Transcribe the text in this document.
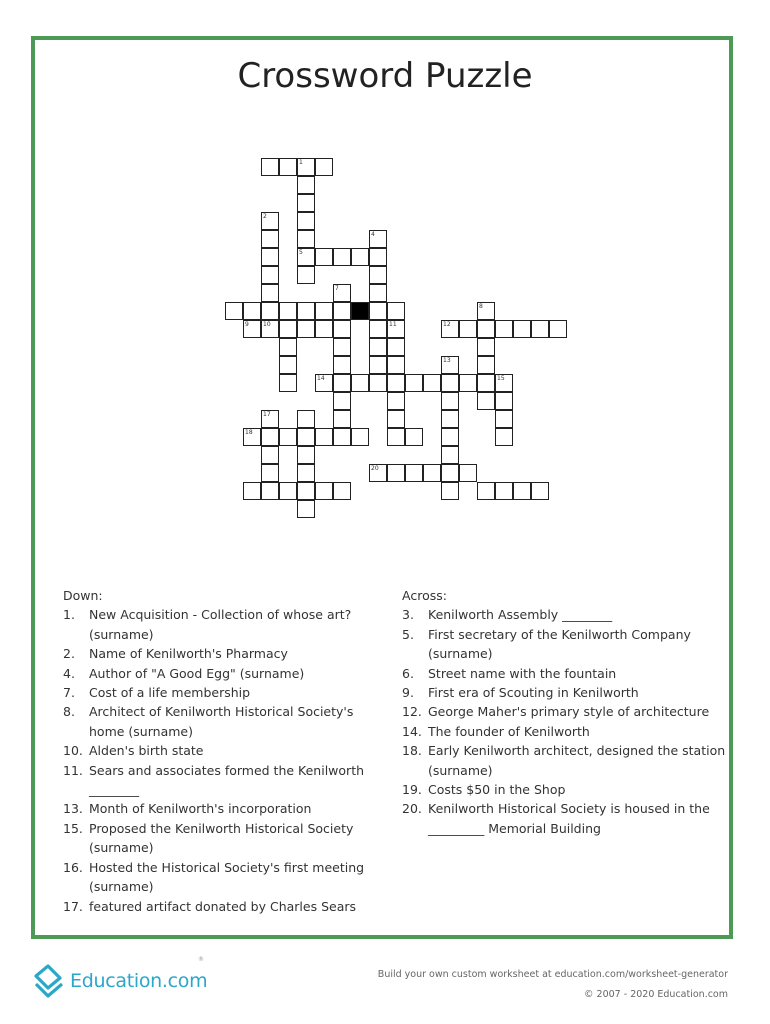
Crossword Puzzle
1
5
9 10	12
14	15
18
20
2
4
7
11
13
8
17
Down:
1.	New Acquisition - Collection of whose art? (surname)
2.	Name of Kenilworth's Pharmacy
4.	Author of "A Good Egg" (surname)
7.	Cost of a life membership
8.	Architect of Kenilworth Historical Society's home (surname)
10. Alden's birth state
11. Sears and associates formed the Kenilworth ________
13. Month of Kenilworth's incorporation
15. Proposed the Kenilworth Historical Society (surname)
16. Hosted the Historical Society's first meeting (surname)
17. featured artifact donated by Charles Sears
Across:
3.	Kenilworth Assembly ________
5.	First secretary of the Kenilworth Company (surname)
6.	Street name with the fountain
9.	First era of Scouting in Kenilworth
12. George Maher's primary style of architecture
14. The founder of Kenilworth
18. Early Kenilworth architect, designed the station (surname)
19. Costs $50 in the Shop
20. Kenilworth Historical Society is housed in the _________ Memorial Building
Education.com
®
Build your own custom worksheet at education.com/worksheet-generator
© 2007 - 2020 Education.com
